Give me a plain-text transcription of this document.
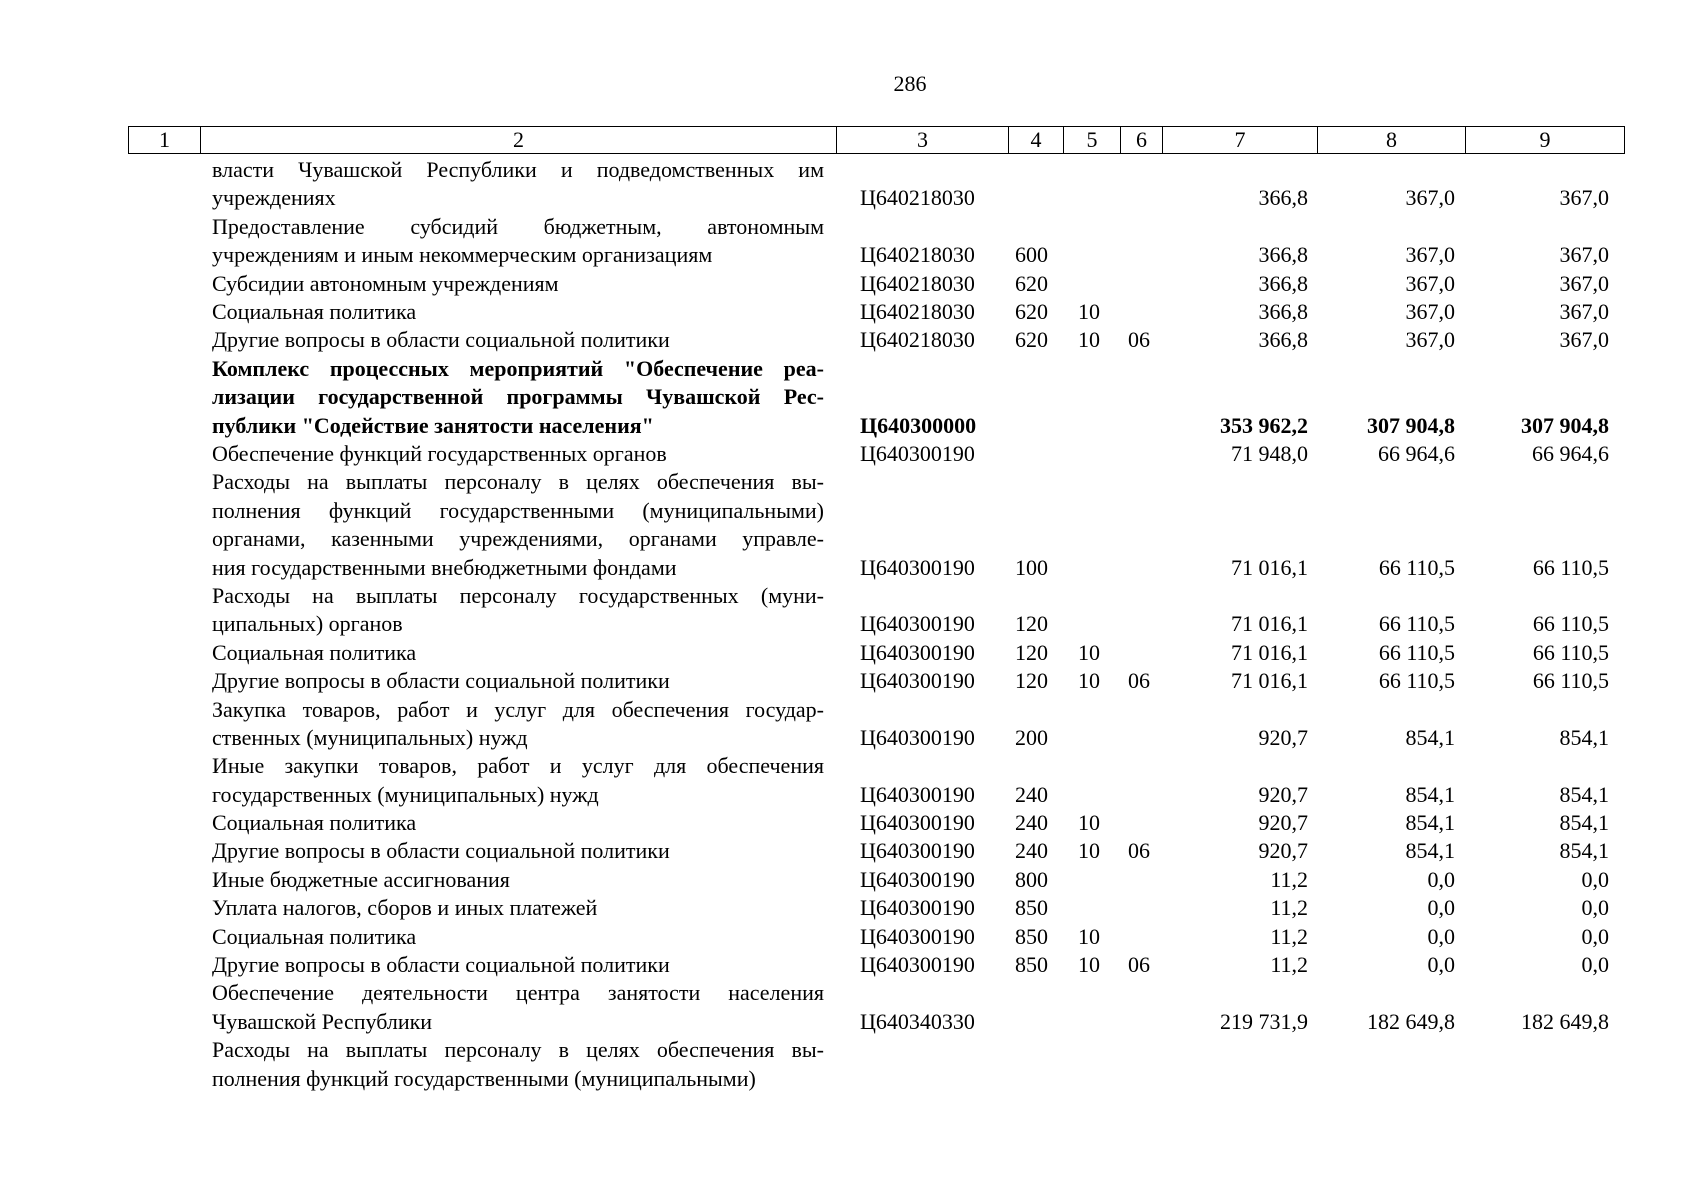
286
1	2	3	4	5	6	7	8	9
власти Чувашской Республики и подведомственных им
учреждениях	Ц640218030	366,8	367,0	367,0
Предоставление субсидий бюджетным, автономным
учреждениям и иным некоммерческим организациям	Ц640218030 600	366,8	367,0	367,0
Субсидии автономным учреждениям	Ц640218030 620	366,8	367,0	367,0
Социальная политика	Ц640218030 620 10	366,8	367,0	367,0
Другие вопросы в области социальной политики	Ц640218030 620 10 06	366,8	367,0	367,0
Комплекс процессных мероприятий "Обеспечение реа-
лизации государственной программы Чувашской Рес-
публики "Содействие занятости населения"	Ц640300000	353 962,2	307 904,8	307 904,8
Обеспечение функций государственных органов	Ц640300190	71 948,0	66 964,6	66 964,6
Расходы на выплаты персоналу в целях обеспечения вы-
полнения функций государственными (муниципальными)
органами, казенными учреждениями, органами управле-
ния государственными внебюджетными фондами	Ц640300190 100	71 016,1	66 110,5	66 110,5
Расходы на выплаты персоналу государственных (муни-
ципальных) органов	Ц640300190 120	71 016,1	66 110,5	66 110,5
Социальная политика	Ц640300190 120 10	71 016,1	66 110,5	66 110,5
Другие вопросы в области социальной политики	Ц640300190 120 10 06	71 016,1	66 110,5	66 110,5
Закупка товаров, работ и услуг для обеспечения государ-
ственных (муниципальных) нужд	Ц640300190 200	920,7	854,1	854,1
Иные закупки товаров, работ и услуг для обеспечения
государственных (муниципальных) нужд	Ц640300190 240	920,7	854,1	854,1
Социальная политика	Ц640300190 240 10	920,7	854,1	854,1
Другие вопросы в области социальной политики	Ц640300190 240 10 06	920,7	854,1	854,1
Иные бюджетные ассигнования	Ц640300190 800	11,2	0,0	0,0
Уплата налогов, сборов и иных платежей	Ц640300190 850	11,2	0,0	0,0
Социальная политика	Ц640300190 850 10	11,2	0,0	0,0
Другие вопросы в области социальной политики	Ц640300190 850 10 06	11,2	0,0	0,0
Обеспечение деятельности центра занятости населения
Чувашской Республики	Ц640340330	219 731,9	182 649,8	182 649,8
Расходы на выплаты персоналу в целях обеспечения вы-
полнения функций государственными (муниципальными)
